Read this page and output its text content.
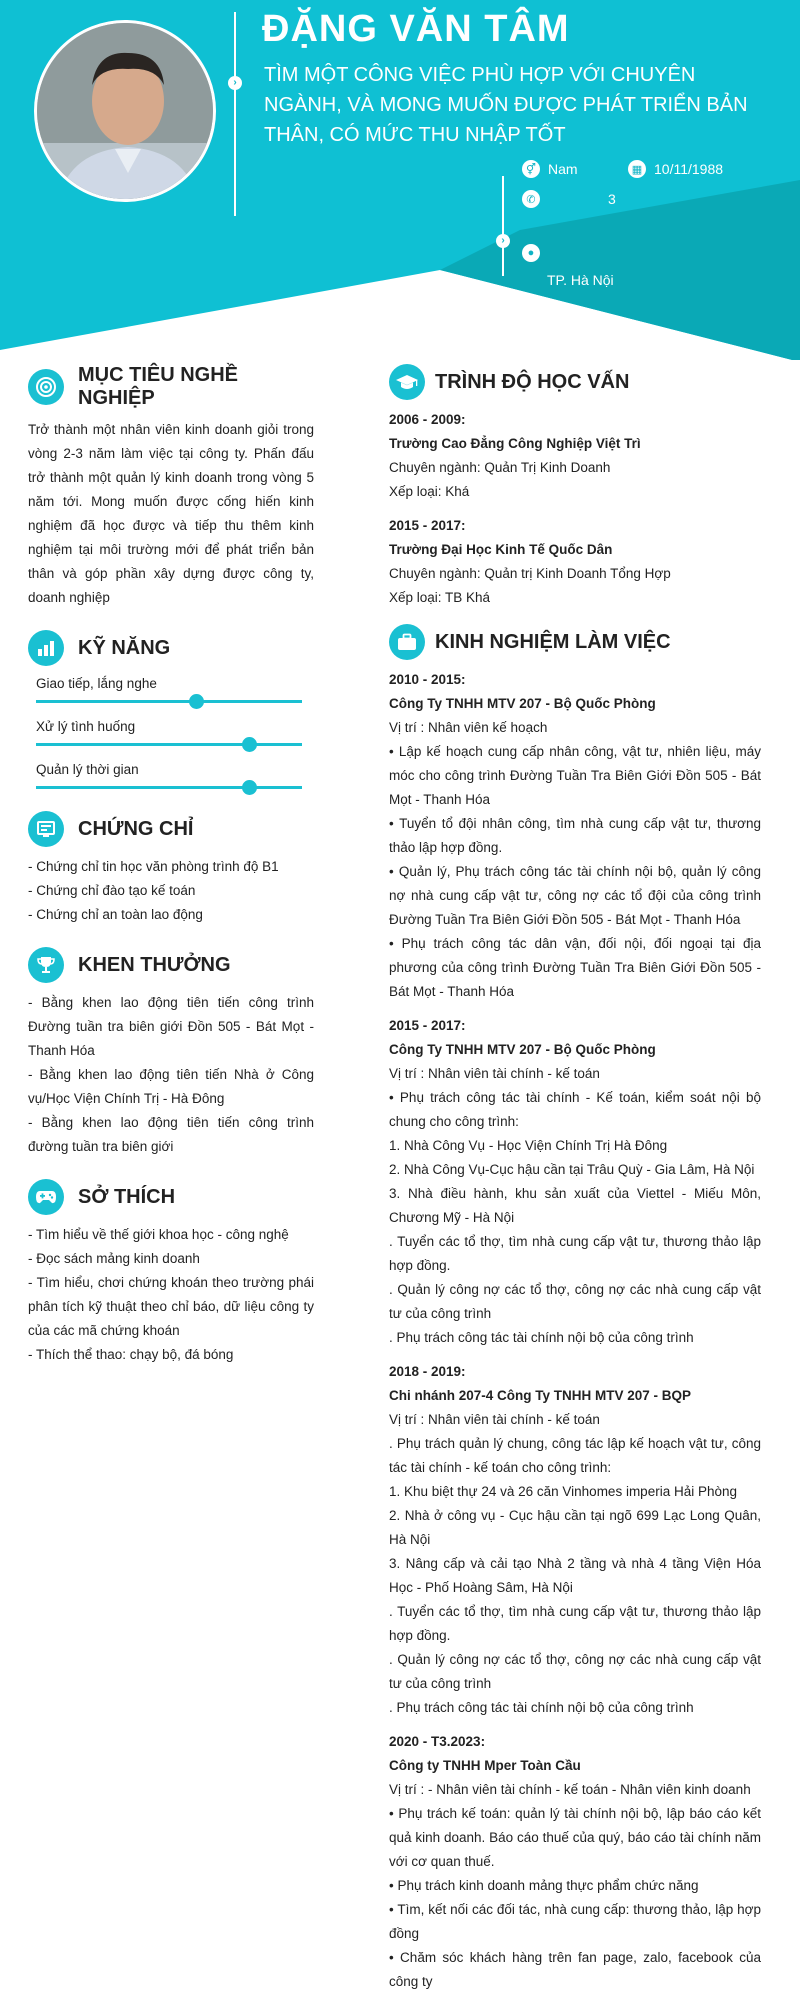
›
›
ĐẶNG VĂN TÂM
TÌM MỘT CÔNG VIỆC PHÙ HỢP VỚI CHUYÊN NGÀNH, VÀ MONG MUỐN ĐƯỢC PHÁT TRIỂN BẢN THÂN, CÓ MỨC THU NHẬP TỐT
⚥ Nam	▦ 10/11/1988
✆	3
●
TP. Hà Nội
MỤC TIÊU NGHỀ NGHIỆP
Trở thành một nhân viên kinh doanh giỏi trong vòng 2-3 năm làm việc tại công ty. Phấn đấu trở thành một quản lý kinh doanh trong vòng 5 năm tới. Mong muốn được cống hiến kinh nghiệm đã học được và tiếp thu thêm kinh nghiệm tại môi trường mới để phát triển bản thân và góp phần xây dựng được công ty, doanh nghiệp
KỸ NĂNG
Giao tiếp, lắng nghe
Xử lý tình huống
Quản lý thời gian
CHỨNG CHỈ
- Chứng chỉ tin học văn phòng trình độ B1
- Chứng chỉ đào tạo kế toán
- Chứng chỉ an toàn lao động
KHEN THƯỞNG
- Bằng khen lao động tiên tiến công trình Đường tuần tra biên giới Đồn 505 - Bát Mọt - Thanh Hóa
- Bằng khen lao động tiên tiến Nhà ở Công vụ/Học Viện Chính Trị - Hà Đông
- Bằng khen lao động tiên tiến công trình đường tuần tra biên giới
SỞ THÍCH
- Tìm hiểu về thế giới khoa học - công nghệ
- Đọc sách mảng kinh doanh
- Tìm hiểu, chơi chứng khoán theo trường phái phân tích kỹ thuật theo chỉ báo, dữ liệu công ty của các mã chứng khoán
- Thích thể thao: chạy bộ, đá bóng
TRÌNH ĐỘ HỌC VẤN
2006 - 2009:
Trường Cao Đẳng Công Nghiệp Việt Trì
Chuyên ngành: Quản Trị Kinh Doanh
Xếp loại: Khá
2015 - 2017:
Trường Đại Học Kinh Tế Quốc Dân
Chuyên ngành: Quản trị Kinh Doanh Tổng Hợp
Xếp loại: TB Khá
KINH NGHIỆM LÀM VIỆC
2010 - 2015:
Công Ty TNHH MTV 207 - Bộ Quốc Phòng
Vị trí : Nhân viên kế hoạch
• Lập kế hoạch cung cấp nhân công, vật tư, nhiên liệu, máy móc cho công trình Đường Tuần Tra Biên Giới Đồn 505 - Bát Mọt - Thanh Hóa
• Tuyển tổ đội nhân công, tìm nhà cung cấp vật tư, thương thảo lập hợp đồng.
• Quản lý, Phụ trách công tác tài chính nội bộ, quản lý công nợ nhà cung cấp vật tư, công nợ các tổ đội của công trình Đường Tuần Tra Biên Giới Đồn 505 - Bát Mọt - Thanh Hóa
• Phụ trách công tác dân vận, đối nội, đối ngoại tại địa phương của công trình Đường Tuần Tra Biên Giới Đồn 505 - Bát Mọt - Thanh Hóa
2015 - 2017:
Công Ty TNHH MTV 207 - Bộ Quốc Phòng
Vị trí : Nhân viên tài chính - kế toán
• Phụ trách công tác tài chính - Kế toán, kiểm soát nội bộ chung cho công trình:
1. Nhà Công Vụ - Học Viện Chính Trị Hà Đông
2. Nhà Công Vụ-Cục hậu cần tại Trâu Quỳ - Gia Lâm, Hà Nội
3. Nhà điều hành, khu sản xuất của Viettel - Miếu Môn, Chương Mỹ - Hà Nội
. Tuyển các tổ thợ, tìm nhà cung cấp vật tư, thương thảo lập hợp đồng.
. Quản lý công nợ các tổ thợ, công nợ các nhà cung cấp vật tư của công trình
. Phụ trách công tác tài chính nội bộ của công trình
2018 - 2019:
Chi nhánh 207-4 Công Ty TNHH MTV 207 - BQP
Vị trí : Nhân viên tài chính - kế toán
. Phụ trách quản lý chung, công tác lập kế hoạch vật tư, công tác tài chính - kế toán cho công trình:
1. Khu biệt thự 24 và 26 căn Vinhomes imperia Hải Phòng
2. Nhà ở công vụ - Cục hậu cần tại ngõ 699 Lạc Long Quân, Hà Nội
3. Nâng cấp và cải tạo Nhà 2 tầng và nhà 4 tầng Viện Hóa Học - Phố Hoàng Sâm, Hà Nội
. Tuyển các tổ thợ, tìm nhà cung cấp vật tư, thương thảo lập hợp đồng.
. Quản lý công nợ các tổ thợ, công nợ các nhà cung cấp vật tư của công trình
. Phụ trách công tác tài chính nội bộ của công trình
2020 - T3.2023:
Công ty TNHH Mper Toàn Cầu
Vị trí : - Nhân viên tài chính - kế toán - Nhân viên kinh doanh
• Phụ trách kế toán: quản lý tài chính nội bộ, lập báo cáo kết quả kinh doanh. Báo cáo thuế của quý, báo cáo tài chính năm với cơ quan thuế.
• Phụ trách kinh doanh mảng thực phẩm chức năng
• Tìm, kết nối các đối tác, nhà cung cấp: thương thảo, lập hợp đồng
• Chăm sóc khách hàng trên fan page, zalo, facebook của công ty
